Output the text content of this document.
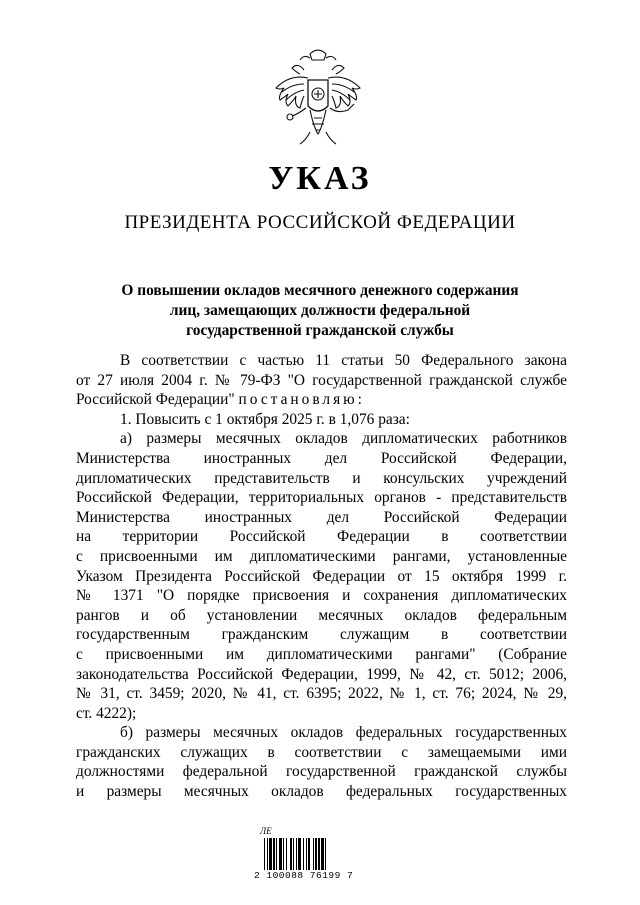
УКАЗ
ПРЕЗИДЕНТА РОССИЙСКОЙ ФЕДЕРАЦИИ
О повышении окладов месячного денежного содержания
лиц, замещающих должности федеральной
государственной гражданской службы

В соответствии с частью 11 статьи 50 Федерального закона
от 27 июля 2004 г. № 79-ФЗ "О государственной гражданской службе
Российской Федерации" постановляю:

1. Повысить с 1 октября 2025 г. в 1,076 раза:

а) размеры месячных окладов дипломатических работников
Министерства иностранных дел Российской Федерации,
дипломатических представительств и консульских учреждений
Российской Федерации, территориальных органов - представительств
Министерства иностранных дел Российской Федерации
на территории Российской Федерации в соответствии
с присвоенными им дипломатическими рангами, установленные
Указом Президента Российской Федерации от 15 октября 1999 г.
№ 1371 "О порядке присвоения и сохранения дипломатических
рангов и об установлении месячных окладов федеральным
государственным гражданским служащим в соответствии
с присвоенными им дипломатическими рангами" (Собрание
законодательства Российской Федерации, 1999, № 42, ст. 5012; 2006,
№ 31, ст. 3459; 2020, № 41, ст. 6395; 2022, № 1, ст. 76; 2024, № 29,
ст. 4222);

б) размеры месячных окладов федеральных государственных
гражданских служащих в соответствии с замещаемыми ими
должностями федеральной государственной гражданской службы
и размеры месячных окладов федеральных государственных

ЛЕ
2 100088 76199 7
